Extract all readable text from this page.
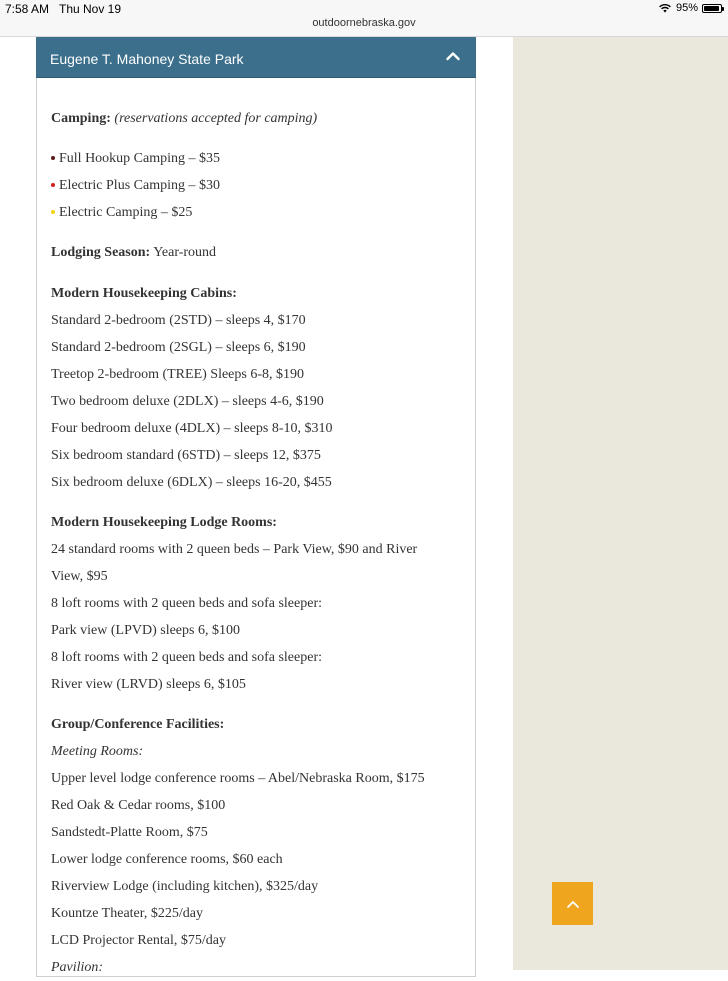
7:58 AM Thu Nov 19
outdoornebraska.gov
95%
Eugene T. Mahoney State Park
Camping: (reservations accepted for camping)
Full Hookup Camping – $35
Electric Plus Camping – $30
Electric Camping – $25
Lodging Season: Year-round
Modern Housekeeping Cabins:
Standard 2-bedroom (2STD) – sleeps 4, $170
Standard 2-bedroom (2SGL) – sleeps 6, $190
Treetop 2-bedroom (TREE) Sleeps 6-8, $190
Two bedroom deluxe (2DLX) – sleeps 4-6, $190
Four bedroom deluxe (4DLX) – sleeps 8-10, $310
Six bedroom standard (6STD) – sleeps 12, $375
Six bedroom deluxe (6DLX) – sleeps 16-20, $455
Modern Housekeeping Lodge Rooms:
24 standard rooms with 2 queen beds – Park View, $90 and River
View, $95
8 loft rooms with 2 queen beds and sofa sleeper:
Park view (LPVD) sleeps 6, $100
8 loft rooms with 2 queen beds and sofa sleeper:
River view (LRVD) sleeps 6, $105
Group/Conference Facilities:
Meeting Rooms:
Upper level lodge conference rooms – Abel/Nebraska Room, $175
Red Oak & Cedar rooms, $100
Sandstedt-Platte Room, $75
Lower lodge conference rooms, $60 each
Riverview Lodge (including kitchen), $325/day
Kountze Theater, $225/day
LCD Projector Rental, $75/day
Pavilion:
